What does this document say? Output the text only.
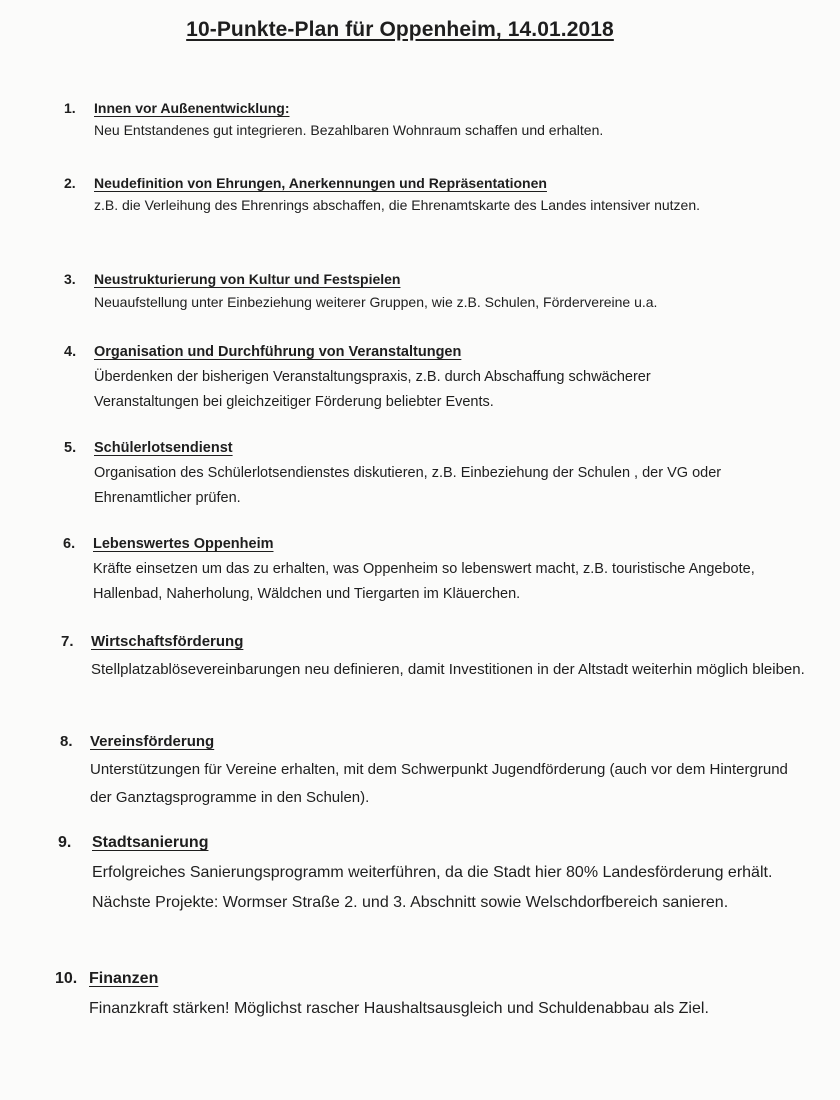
10-Punkte-Plan für Oppenheim, 14.01.2018
1.	Innen vor Außenentwicklung:

Neu Entstandenes gut integrieren. Bezahlbaren Wohnraum schaffen und erhalten.

2.	Neudefinition von Ehrungen, Anerkennungen und Repräsentationen

z.B. die Verleihung des Ehrenrings abschaffen, die Ehrenamtskarte des Landes intensiver nutzen.

3.	Neustrukturierung von Kultur und Festspielen

Neuaufstellung unter Einbeziehung weiterer Gruppen, wie z.B. Schulen, Fördervereine u.a.

4.	Organisation und Durchführung von Veranstaltungen

Überdenken der bisherigen Veranstaltungspraxis, z.B. durch Abschaffung schwächerer Veranstaltungen bei gleichzeitiger Förderung beliebter Events.

5.	Schülerlotsendienst

Organisation des Schülerlotsendienstes diskutieren, z.B. Einbeziehung der Schulen , der VG oder Ehrenamtlicher prüfen.

6.	Lebenswertes Oppenheim

Kräfte einsetzen um das zu erhalten, was Oppenheim so lebenswert macht, z.B. touristische Angebote, Hallenbad, Naherholung, Wäldchen und Tiergarten im Kläuerchen.

7.	Wirtschaftsförderung

Stellplatzablösevereinbarungen neu definieren, damit Investitionen in der Altstadt weiterhin möglich bleiben.

8.	Vereinsförderung

Unterstützungen für Vereine erhalten, mit dem Schwerpunkt Jugendförderung (auch vor dem Hintergrund der Ganztagsprogramme in den Schulen).

9.	Stadtsanierung

Erfolgreiches Sanierungsprogramm weiterführen, da die Stadt hier 80% Landesförderung erhält. Nächste Projekte: Wormser Straße 2. und 3. Abschnitt sowie Welschdorfbereich sanieren.

10. Finanzen

Finanzkraft stärken! Möglichst rascher Haushaltsausgleich und Schuldenabbau als Ziel.
